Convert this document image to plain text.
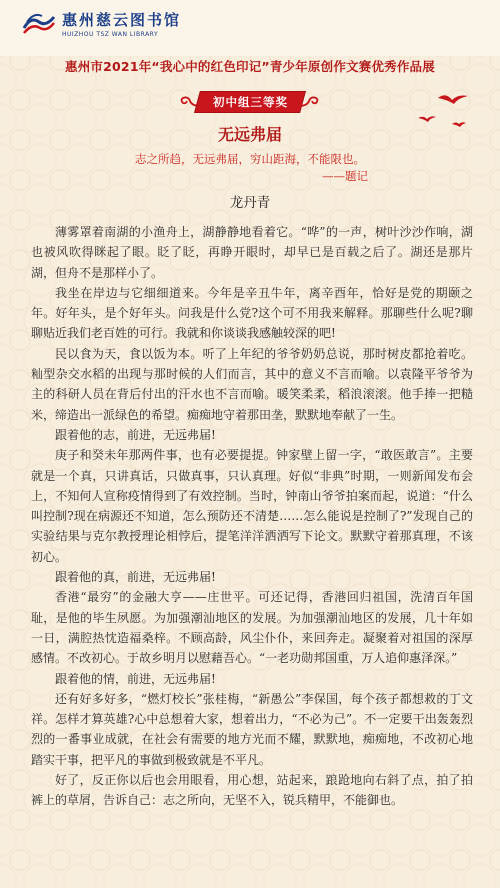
惠州慈云图书馆
HUIZHOU TSZ WAN LIBRARY
惠州市2021年“我心中的红色印记”青少年原创作文赛优秀作品展
初中组三等奖
无远弗届
志之所趋，无远弗届，穷山距海，不能限也。
——题记
龙丹青

薄雾罩着南湖的小渔舟上，湖静静地看着它。“哗”的一声，树叶沙沙作响，湖也被风吹得眯起了眼。眨了眨，再睁开眼时，却早已是百载之后了。湖还是那片湖，但舟不是那样小了。

我坐在岸边与它细细道来。今年是辛丑牛年，离辛酉年，恰好是党的期颐之年。好年头，是个好年头。问我是什么党?这个可不用我来解释。那聊些什么呢?聊聊贴近我们老百姓的可行。我就和你谈谈我感触较深的吧!

民以食为天，食以饭为本。听了上年纪的爷爷奶奶总说，那时树皮都抢着吃。籼型杂交水稻的出现与那时候的人们而言，其中的意义不言而喻。以袁隆平爷爷为主的科研人员在背后付出的汗水也不言而喻。暖笑柔柔，稻浪滚滚。他手捧一把糙米，缔造出一派绿色的希望。痴痴地守着那田垄，默默地奉献了一生。

跟着他的志，前进，无远弗届!

庚子和癸未年那两件事，也有必要提提。钟家壁上留一字，“敢医敢言”。主要就是一个真，只讲真话，只做真事，只认真理。好似“非典”时期，一则新闻发布会上，不知何人宣称疫情得到了有效控制。当时，钟南山爷爷拍案而起，说道：“什么叫控制?现在病源还不知道，怎么预防还不清楚……怎么能说是控制了?”发现自己的实验结果与克尔教授理论相悖后，提笔洋洋洒洒写下论文。默默守着那真理，不该初心。

跟着他的真，前进，无远弗届!

香港“最穷”的金融大亨——庄世平。可还记得，香港回归祖国，洗清百年国耻，是他的毕生夙愿。为加强潮汕地区的发展。为加强潮汕地区的发展，几十年如一日，满腔热忱造福桑梓。不顾高龄，风尘仆仆，来回奔走。凝聚着对祖国的深厚感情。不改初心。于故乡明月以慰藉吾心。“一老功勋邦国重，万人追仰惠泽深。”

跟着他的情，前进，无远弗届!

还有好多好多，“燃灯校长”张桂梅，“新愚公”李保国，每个孩子都想救的丁文祥。怎样才算英雄?心中总想着大家，想着出力，“不必为己”。不一定要干出轰轰烈烈的一番事业成就，在社会有需要的地方光而不耀，默默地，痴痴地，不改初心地踏实干事，把平凡的事做到极致就是不平凡。

好了，反正你以后也会用眼看，用心想，站起来，踉跄地向右斜了点，拍了拍裤上的草屑，告诉自己：志之所向，无坚不入，锐兵精甲，不能御也。
